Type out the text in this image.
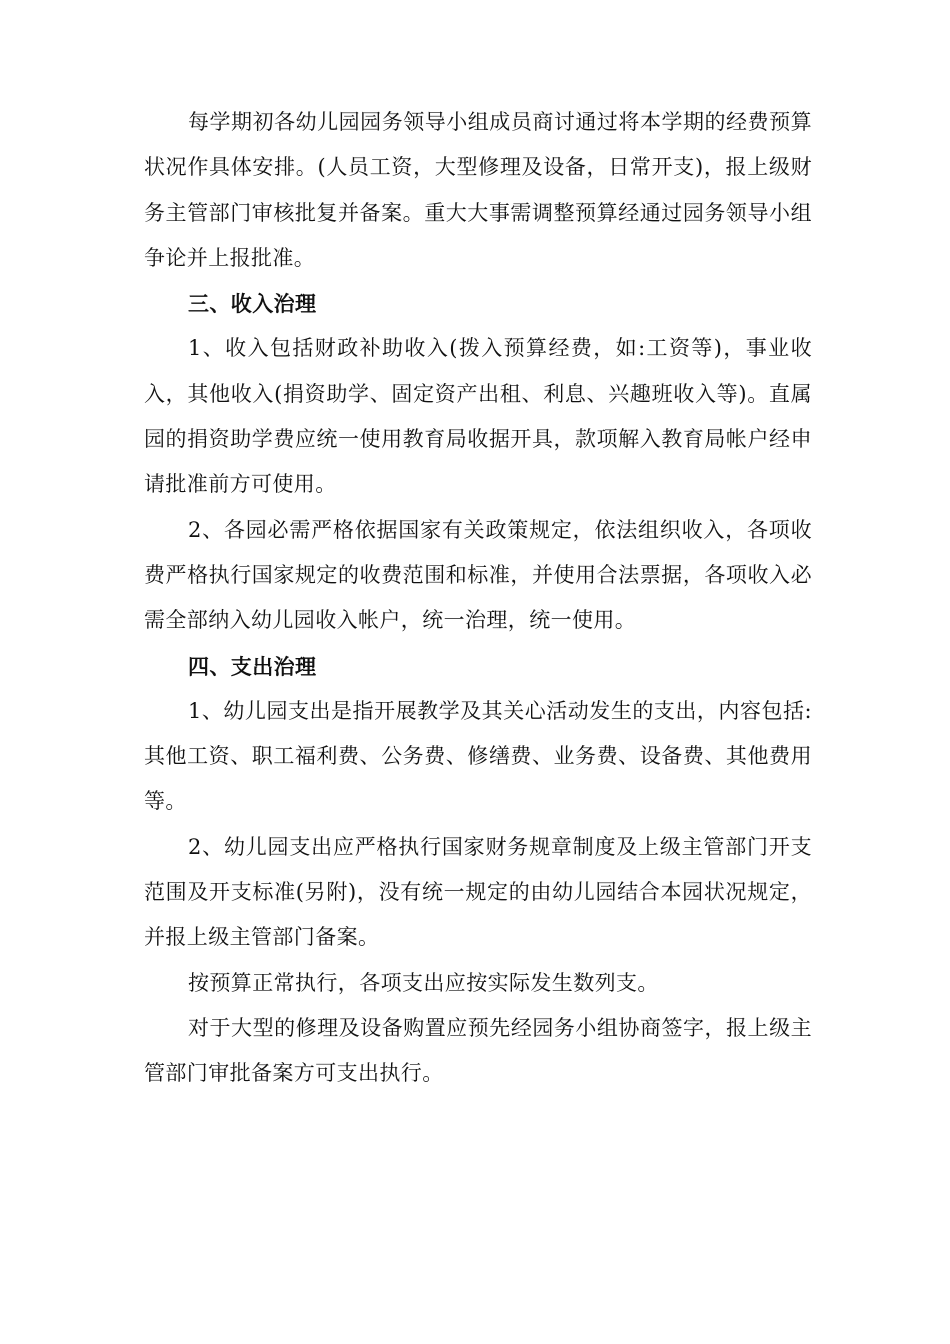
每学期初各幼儿园园务领导小组成员商讨通过将本学期的经费预算状况作具体安排。(人员工资，大型修理及设备，日常开支)，报上级财务主管部门审核批复并备案。重大大事需调整预算经通过园务领导小组争论并上报批准。

三、收入治理

1、收入包括财政补助收入(拨入预算经费，如:工资等)，事业收入，其他收入(捐资助学、固定资产出租、利息、兴趣班收入等)。直属园的捐资助学费应统一使用教育局收据开具，款项解入教育局帐户经申请批准前方可使用。

2、各园必需严格依据国家有关政策规定，依法组织收入，各项收费严格执行国家规定的收费范围和标准，并使用合法票据，各项收入必需全部纳入幼儿园收入帐户，统一治理，统一使用。

四、支出治理

1、幼儿园支出是指开展教学及其关心活动发生的支出，内容包括:其他工资、职工福利费、公务费、修缮费、业务费、设备费、其他费用等。

2、幼儿园支出应严格执行国家财务规章制度及上级主管部门开支范围及开支标准(另附)，没有统一规定的由幼儿园结合本园状况规定，并报上级主管部门备案。

按预算正常执行，各项支出应按实际发生数列支。

对于大型的修理及设备购置应预先经园务小组协商签字，报上级主管部门审批备案方可支出执行。
